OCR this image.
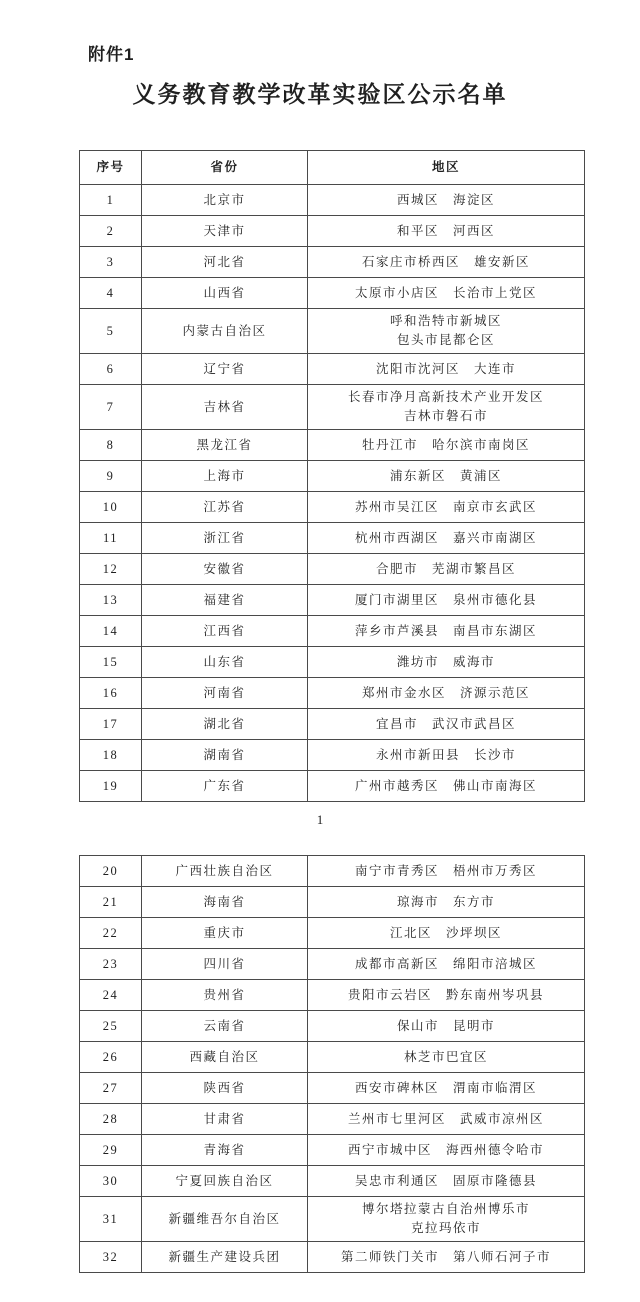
附件1
义务教育教学改革实验区公示名单
序号	省份	地区
1	北京市	西城区　海淀区
2	天津市	和平区　河西区
3	河北省	石家庄市桥西区　雄安新区
4	山西省	太原市小店区　长治市上党区
5	内蒙古自治区	呼和浩特市新城区
包头市昆都仑区
6	辽宁省	沈阳市沈河区　大连市
7	吉林省	长春市净月高新技术产业开发区
吉林市磐石市
8	黑龙江省	牡丹江市　哈尔滨市南岗区
9	上海市	浦东新区　黄浦区
10	江苏省	苏州市吴江区　南京市玄武区
11	浙江省	杭州市西湖区　嘉兴市南湖区
12	安徽省	合肥市　芜湖市繁昌区
13	福建省	厦门市湖里区　泉州市德化县
14	江西省	萍乡市芦溪县　南昌市东湖区
15	山东省	潍坊市　威海市
16	河南省	郑州市金水区　济源示范区
17	湖北省	宜昌市　武汉市武昌区
18	湖南省	永州市新田县　长沙市
19	广东省	广州市越秀区　佛山市南海区
1
20	广西壮族自治区	南宁市青秀区　梧州市万秀区
21	海南省	琼海市　东方市
22	重庆市	江北区　沙坪坝区
23	四川省	成都市高新区　绵阳市涪城区
24	贵州省	贵阳市云岩区　黔东南州岑巩县
25	云南省	保山市　昆明市
26	西藏自治区	林芝市巴宜区
27	陕西省	西安市碑林区　渭南市临渭区
28	甘肃省	兰州市七里河区　武威市凉州区
29	青海省	西宁市城中区　海西州德令哈市
30	宁夏回族自治区	吴忠市利通区　固原市隆德县
31	新疆维吾尔自治区	博尔塔拉蒙古自治州博乐市
克拉玛依市
32	新疆生产建设兵团	第二师铁门关市　第八师石河子市
